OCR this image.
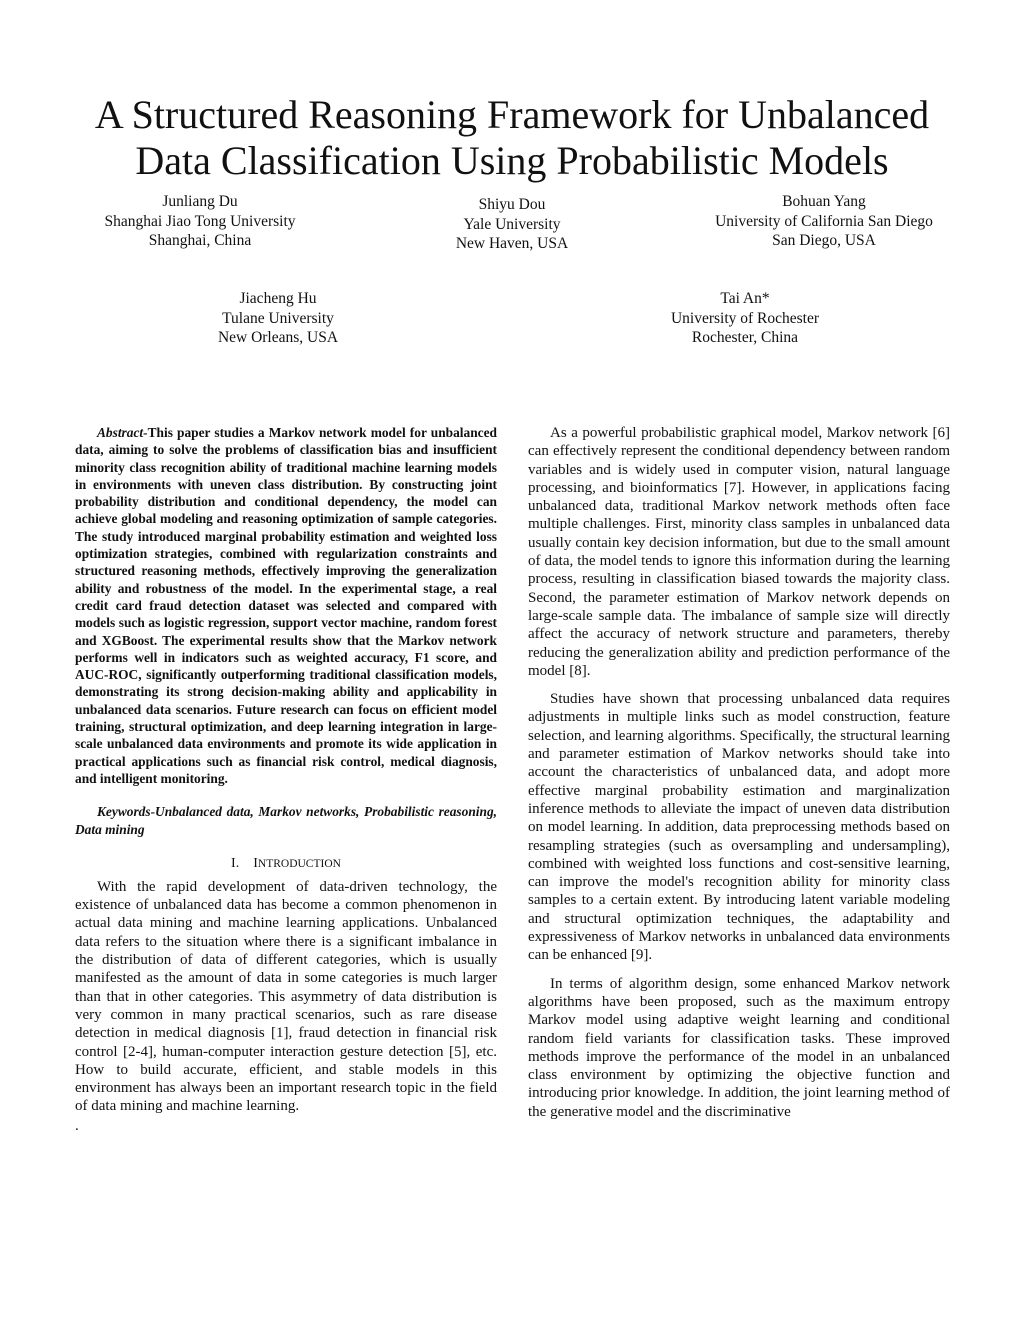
A Structured Reasoning Framework for Unbalanced
Data Classification Using Probabilistic Models
Junliang Du
Shanghai Jiao Tong University
Shanghai, China
Shiyu Dou
Yale University
New Haven, USA
Bohuan Yang
University of California San Diego
San Diego, USA
Jiacheng Hu
Tulane University
New Orleans, USA
Tai An*
University of Rochester
Rochester, China

Abstract-This paper studies a Markov network model for unbalanced data, aiming to solve the problems of classification bias and insufficient minority class recognition ability of traditional machine learning models in environments with uneven class distribution. By constructing joint probability distribution and conditional dependency, the model can achieve global modeling and reasoning optimization of sample categories. The study introduced marginal probability estimation and weighted loss optimization strategies, combined with regularization constraints and structured reasoning methods, effectively improving the generalization ability and robustness of the model. In the experimental stage, a real credit card fraud detection dataset was selected and compared with models such as logistic regression, support vector machine, random forest and XGBoost. The experimental results show that the Markov network performs well in indicators such as weighted accuracy, F1 score, and AUC-ROC, significantly outperforming traditional classification models, demonstrating its strong decision-making ability and applicability in unbalanced data scenarios. Future research can focus on efficient model training, structural optimization, and deep learning integration in large-scale unbalanced data environments and promote its wide application in practical applications such as financial risk control, medical diagnosis, and intelligent monitoring.

Keywords-Unbalanced data, Markov networks, Probabilistic reasoning, Data mining

I. INTRODUCTION

With the rapid development of data-driven technology, the existence of unbalanced data has become a common phenomenon in actual data mining and machine learning applications. Unbalanced data refers to the situation where there is a significant imbalance in the distribution of data of different categories, which is usually manifested as the amount of data in some categories is much larger than that in other categories. This asymmetry of data distribution is very common in many practical scenarios, such as rare disease detection in medical diagnosis [1], fraud detection in financial risk control [2-4], human-computer interaction gesture detection [5], etc. How to build accurate, efficient, and stable models in this environment has always been an important research topic in the field of data mining and machine learning.

.

As a powerful probabilistic graphical model, Markov network [6] can effectively represent the conditional dependency between random variables and is widely used in computer vision, natural language processing, and bioinformatics [7]. However, in applications facing unbalanced data, traditional Markov network methods often face multiple challenges. First, minority class samples in unbalanced data usually contain key decision information, but due to the small amount of data, the model tends to ignore this information during the learning process, resulting in classification biased towards the majority class. Second, the parameter estimation of Markov network depends on large-scale sample data. The imbalance of sample size will directly affect the accuracy of network structure and parameters, thereby reducing the generalization ability and prediction performance of the model [8].

Studies have shown that processing unbalanced data requires adjustments in multiple links such as model construction, feature selection, and learning algorithms. Specifically, the structural learning and parameter estimation of Markov networks should take into account the characteristics of unbalanced data, and adopt more effective marginal probability estimation and marginalization inference methods to alleviate the impact of uneven data distribution on model learning. In addition, data preprocessing methods based on resampling strategies (such as oversampling and undersampling), combined with weighted loss functions and cost-sensitive learning, can improve the model's recognition ability for minority class samples to a certain extent. By introducing latent variable modeling and structural optimization techniques, the adaptability and expressiveness of Markov networks in unbalanced data environments can be enhanced [9].

In terms of algorithm design, some enhanced Markov network algorithms have been proposed, such as the maximum entropy Markov model using adaptive weight learning and conditional random field variants for classification tasks. These improved methods improve the performance of the model in an unbalanced class environment by optimizing the objective function and introducing prior knowledge. In addition, the joint learning method of the generative model and the discriminative
